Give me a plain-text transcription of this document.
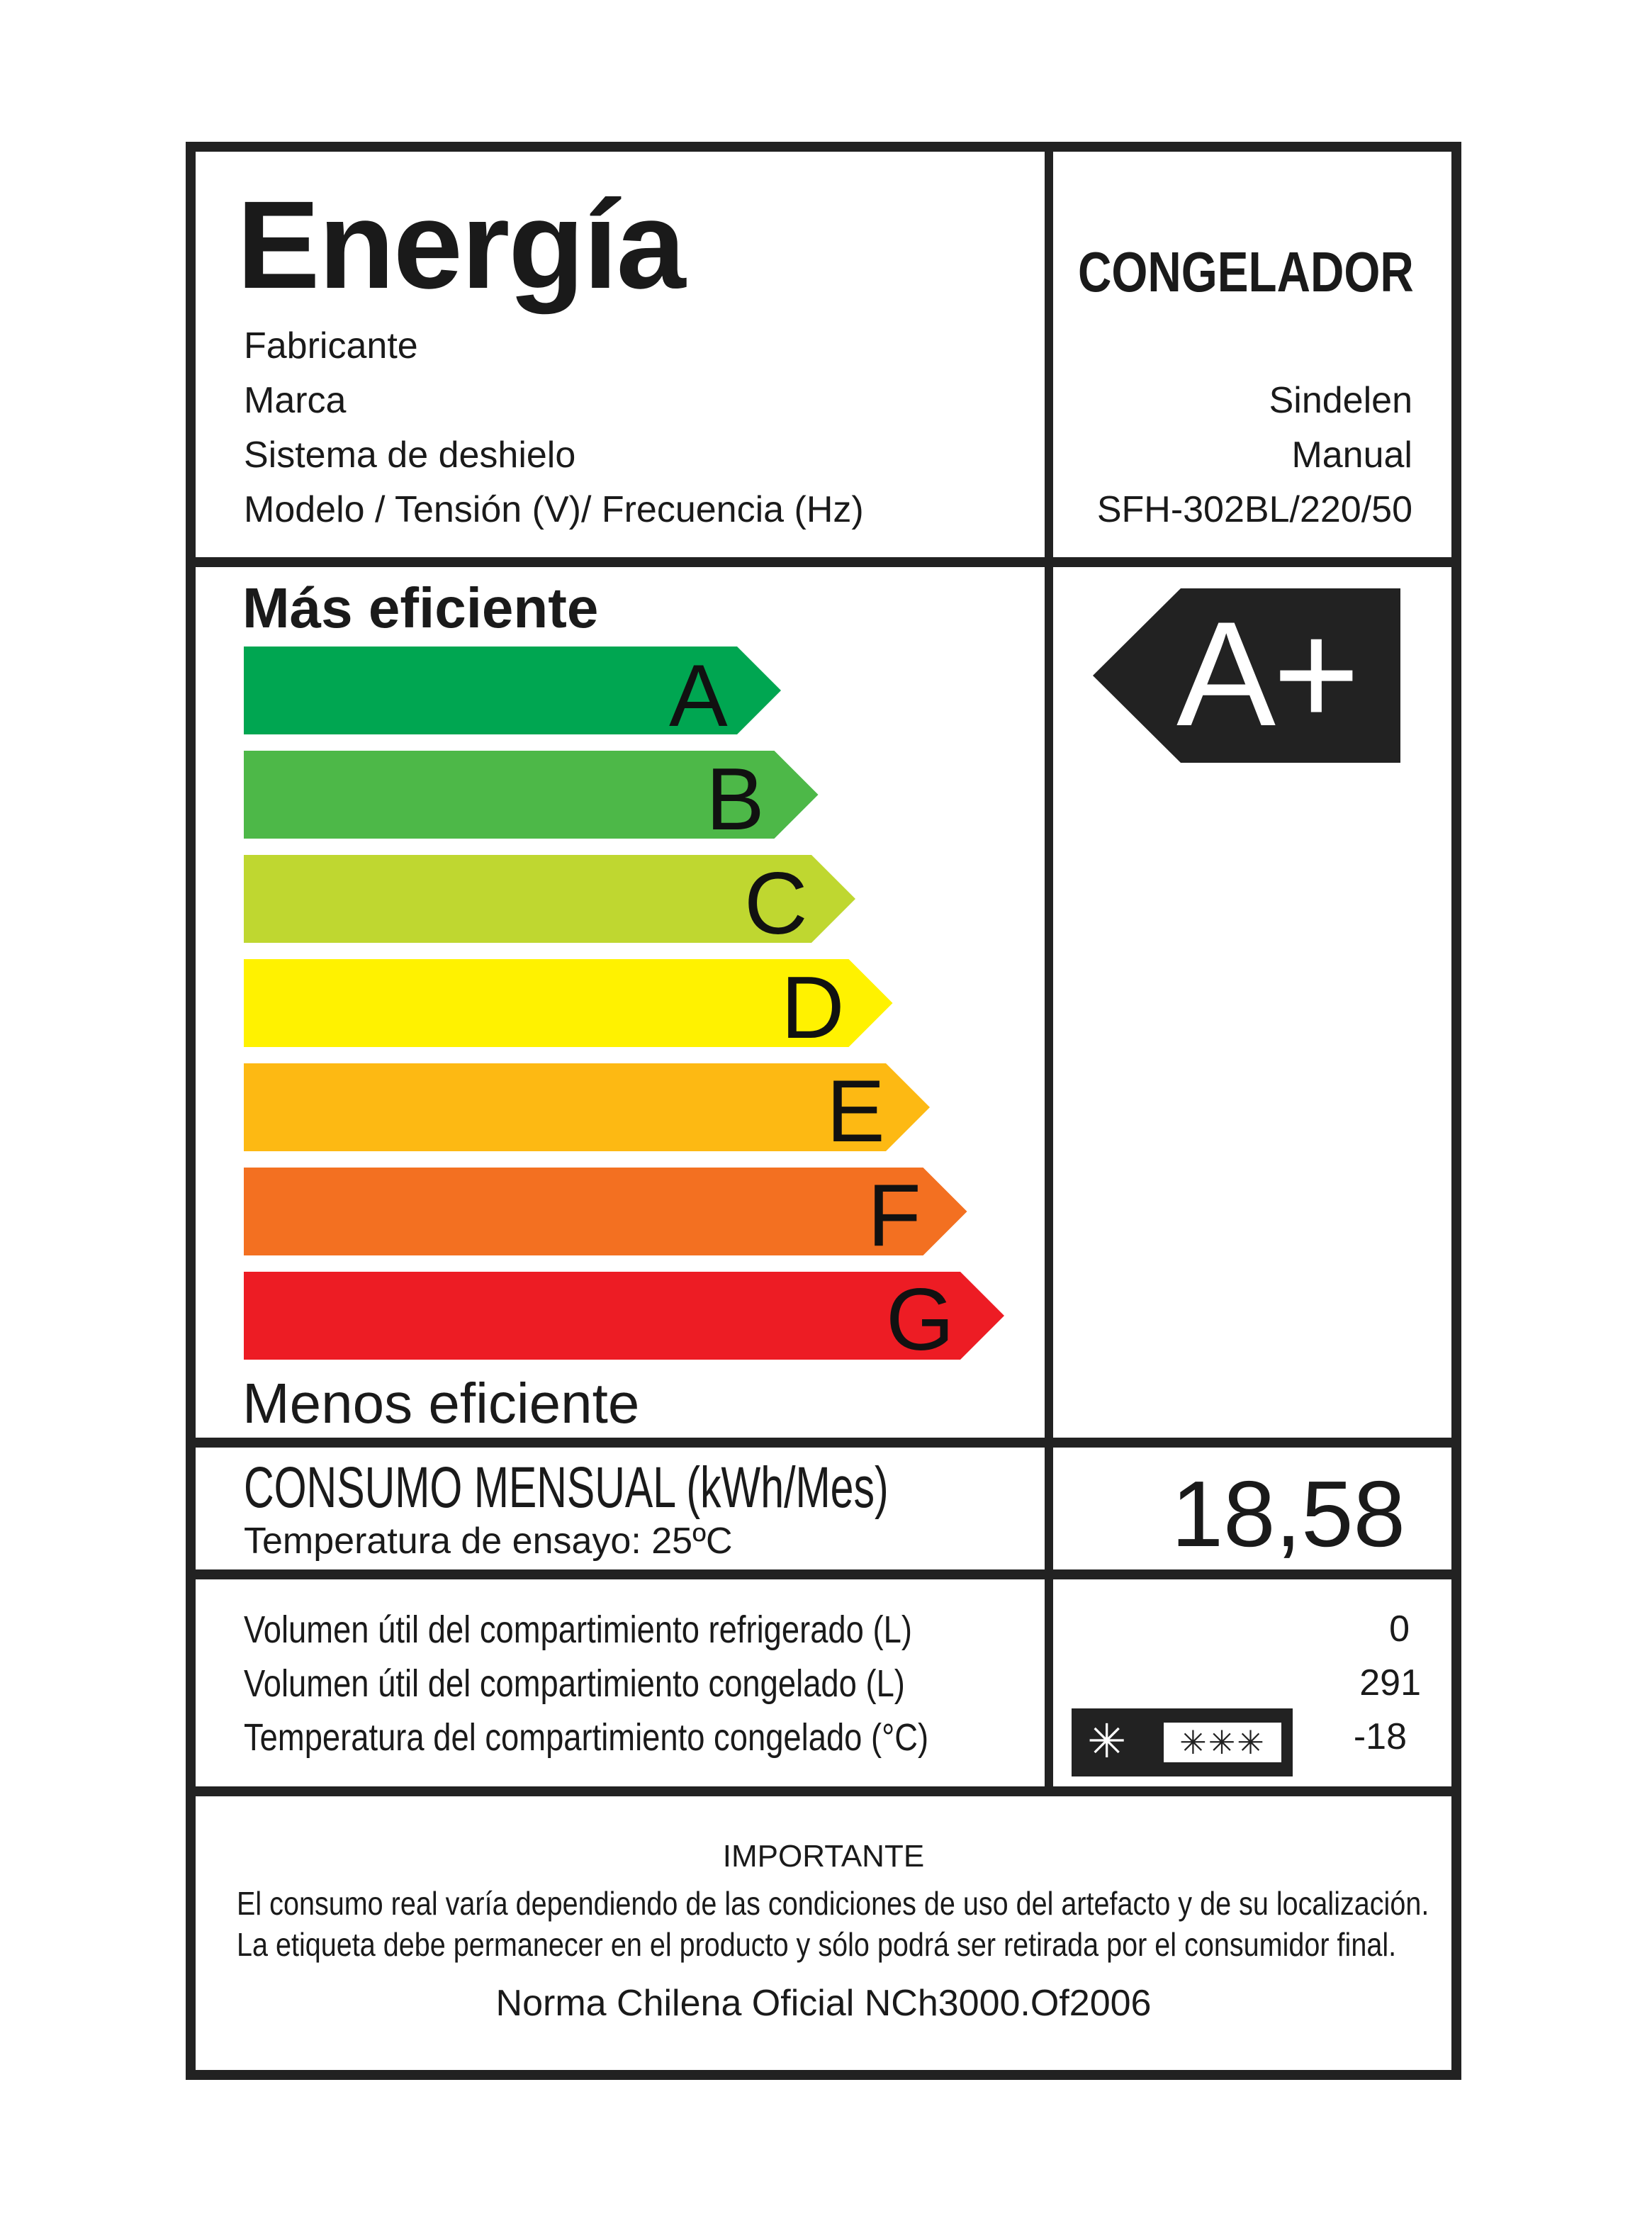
Energía
Fabricante
Marca
Sistema de deshielo
Modelo / Tensión (V)/ Frecuencia (Hz)
CONGELADOR
Sindelen
Manual
SFH-302BL/220/50
Más eficiente
A
B
C
D
E
F
G
A+
Menos eficiente
CONSUMO MENSUAL (kWh/Mes)
Temperatura de ensayo: 25ºC	18,58
Volumen útil del compartimiento refrigerado (L)
Volumen útil del compartimiento congelado (L)
Temperatura del compartimiento congelado (°C)
0
291
-18
✳	✳✳✳
IMPORTANTE
El consumo real varía dependiendo de las condiciones de uso del artefacto y de su localización.
La etiqueta debe permanecer en el producto y sólo podrá ser retirada por el consumidor final.
Norma Chilena Oficial NCh3000.Of2006
